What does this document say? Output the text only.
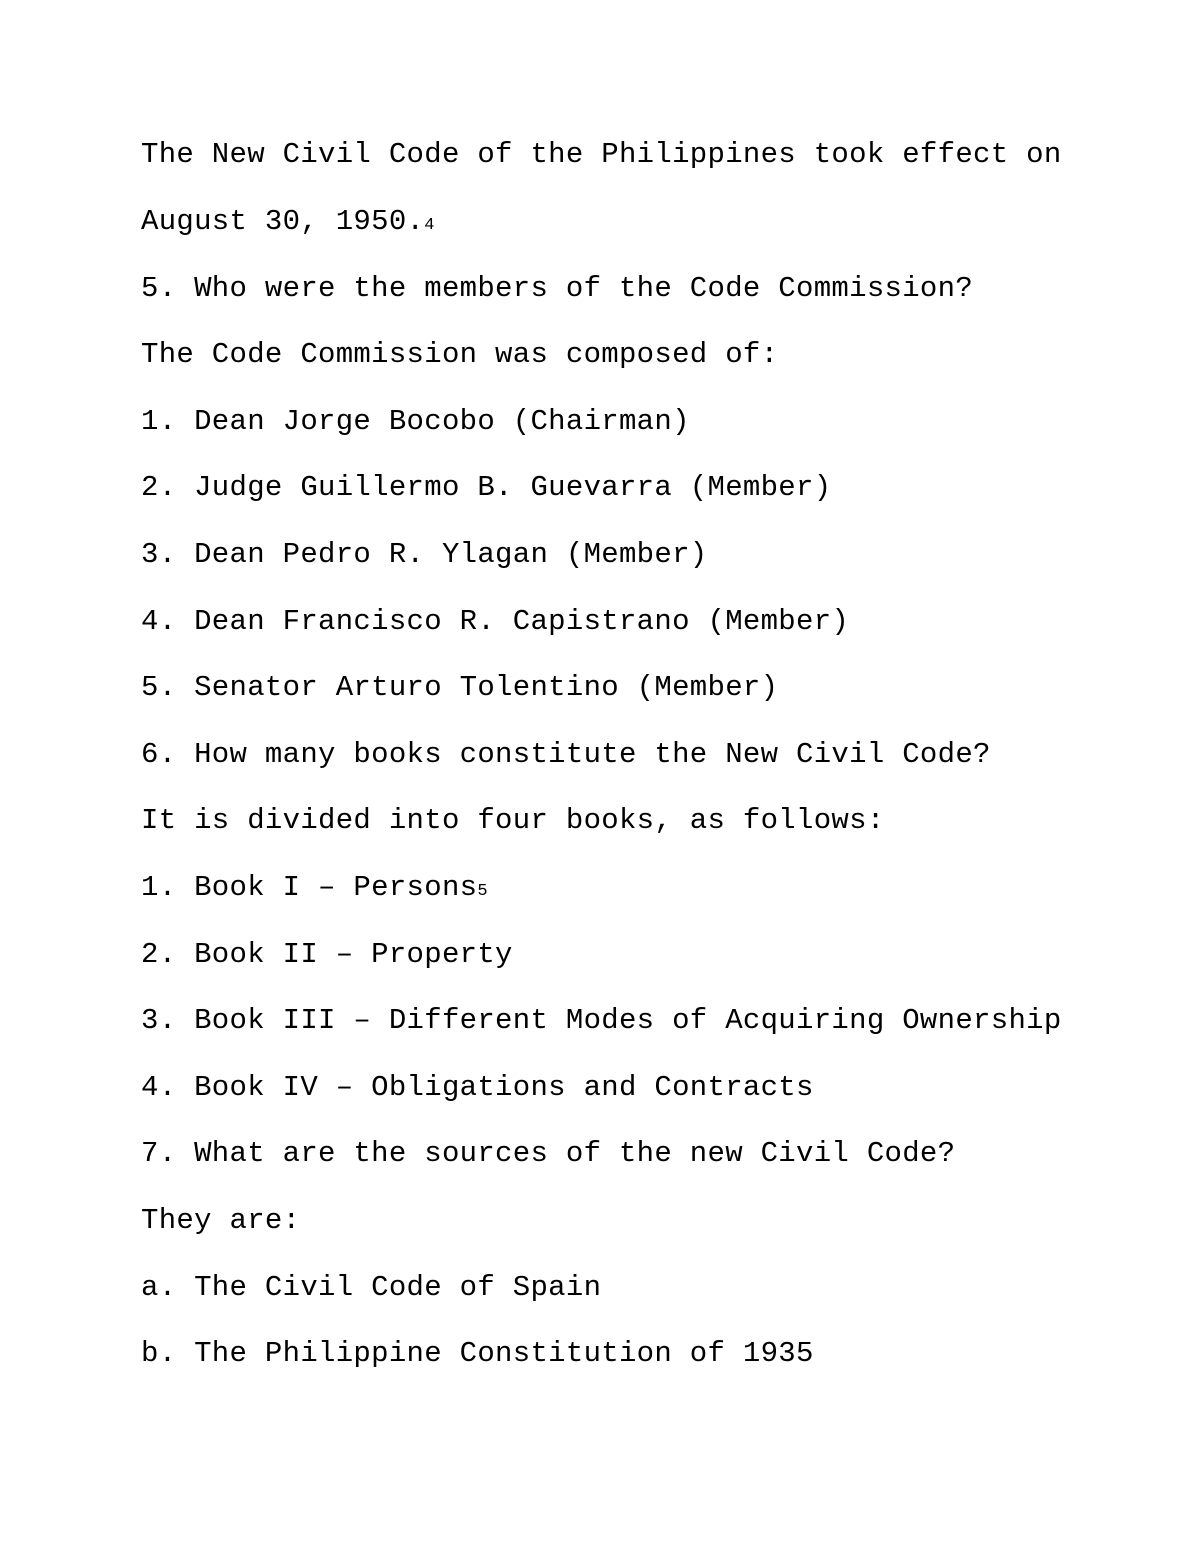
The New Civil Code of the Philippines took effect on

August 30, 1950.4

5. Who were the members of the Code Commission?

The Code Commission was composed of:

1. Dean Jorge Bocobo (Chairman)

2. Judge Guillermo B. Guevarra (Member)

3. Dean Pedro R. Ylagan (Member)

4. Dean Francisco R. Capistrano (Member)

5. Senator Arturo Tolentino (Member)

6. How many books constitute the New Civil Code?

It is divided into four books, as follows:

1. Book I – Persons5

2. Book II – Property

3. Book III – Different Modes of Acquiring Ownership

4. Book IV – Obligations and Contracts

7. What are the sources of the new Civil Code?

They are:

a. The Civil Code of Spain

b. The Philippine Constitution of 1935
